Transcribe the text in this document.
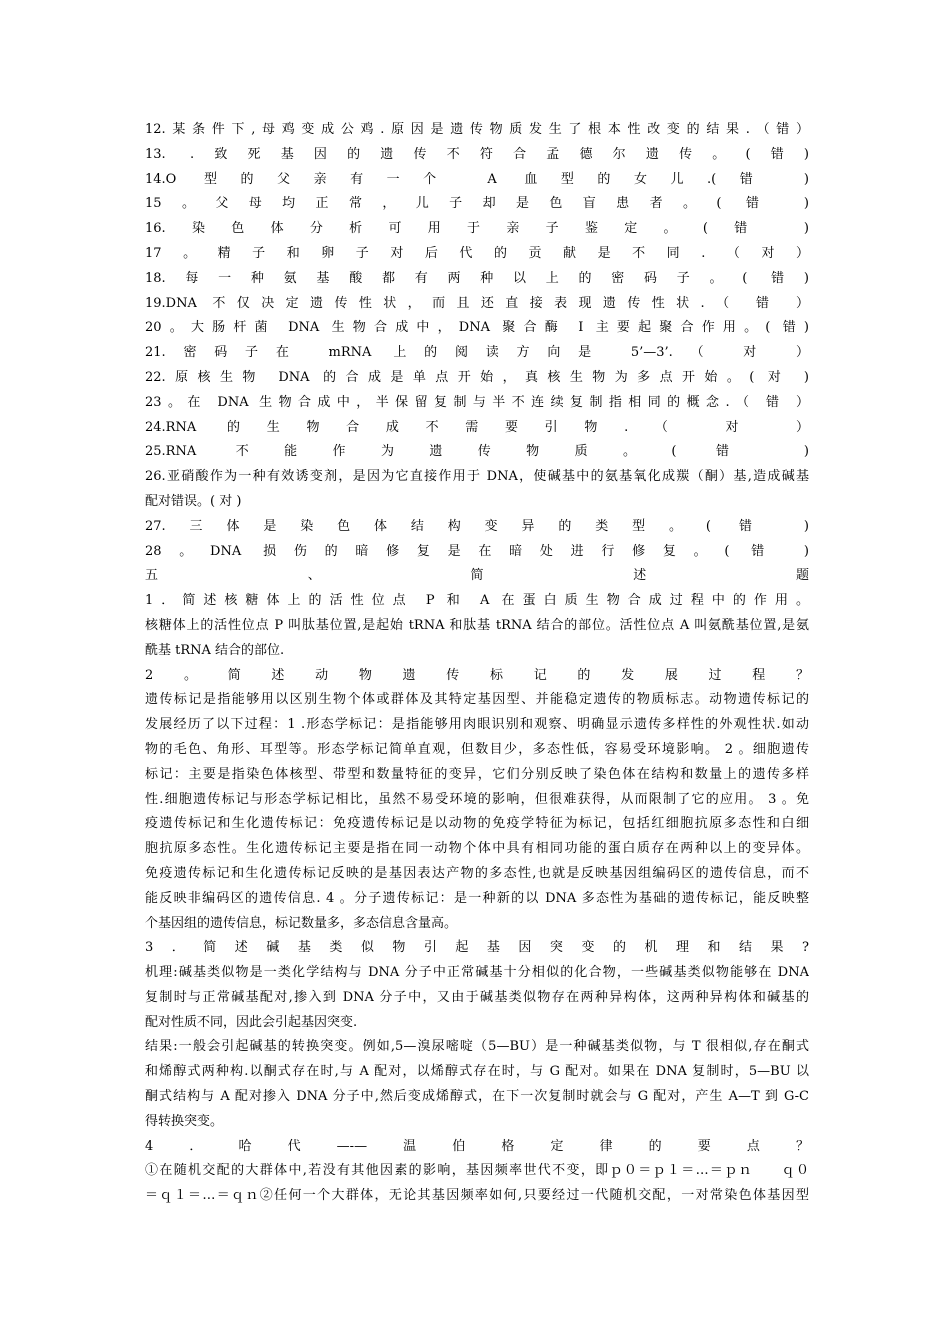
12.某条件下,母鸡变成公鸡.原因是遗传物质发生了根本性改变的结果.（错）
13. .致死基因的遗传不符合孟德尔遗传。(错)
14.O 型的父亲有一个 A 血型的女儿.(错 )
15。父母均正常，儿子却是色盲患者。( 错 )
16.染色体分析可用于亲子鉴定。(错 )
17。精子和卵子对后代的贡献是不同.（对）
18.每一种氨基酸都有两种以上的密码子。( 错)
19.DNA 不仅决定遗传性状，而且还直接表现遗传性状.（ 错 ）
20。大肠杆菌 DNA 生物合成中，DNA 聚合酶 I 主要起聚合作用。( 错)
21.密码子在 mRNA 上的阅读方向是 5’—3’.（ 对 ）
22.原核生物 DNA 的合成是单点开始，真核生物为多点开始。( 对 )
23。在 DNA 生物合成中，半保留复制与半不连续复制指相同的概念.（ 错 ）
24.RNA 的生物合成不需要引物.（ 对 ）
25.RNA 不能作为遗传物质。( 错 )
26.亚硝酸作为一种有效诱变剂，是因为它直接作用于 DNA，使碱基中的氨基氧化成羰（酮）基,造成碱基
配对错误。( 对 )
27.三体是染色体结构变异的类型。( 错 )
28。DNA 损伤的暗修复是在暗处进行修复。( 错 )
五、简述题
1．简述核糖体上的活性位点 P 和 A 在蛋白质生物合成过程中的作用。
核糖体上的活性位点 P 叫肽基位置,是起始 tRNA 和肽基 tRNA 结合的部位。活性位点 A 叫氨酰基位置,是氨
酰基 tRNA 结合的部位.
2。简述动物遗传标记的发展过程？
遗传标记是指能够用以区别生物个体或群体及其特定基因型、并能稳定遗传的物质标志。动物遗传标记的
发展经历了以下过程：1 .形态学标记：是指能够用肉眼识别和观察、明确显示遗传多样性的外观性状.如动
物的毛色、角形、耳型等。形态学标记简单直观，但数目少，多态性低，容易受环境影响。 2 。细胞遗传
标记：主要是指染色体核型、带型和数量特征的变异，它们分别反映了染色体在结构和数量上的遗传多样
性.细胞遗传标记与形态学标记相比，虽然不易受环境的影响，但很难获得，从而限制了它的应用。 3 。免
疫遗传标记和生化遗传标记：免疫遗传标记是以动物的免疫学特征为标记，包括红细胞抗原多态性和白细
胞抗原多态性。生化遗传标记主要是指在同一动物个体中具有相同功能的蛋白质存在两种以上的变异体。
免疫遗传标记和生化遗传标记反映的是基因表达产物的多态性,也就是反映基因组编码区的遗传信息，而不
能反映非编码区的遗传信息. 4 。分子遗传标记：是一种新的以 DNA 多态性为基础的遗传标记，能反映整
个基因组的遗传信息，标记数量多，多态信息含量高。
3．简述碱基类似物引起基因突变的机理和结果?
机理:碱基类似物是一类化学结构与 DNA 分子中正常碱基十分相似的化合物，一些碱基类似物能够在 DNA
复制时与正常碱基配对,掺入到 DNA 分子中，又由于碱基类似物存在两种异构体，这两种异构体和碱基的
配对性质不同，因此会引起基因突变.
结果:一般会引起碱基的转换突变。例如,5—溴尿嘧啶（5—BU）是一种碱基类似物，与 T 很相似,存在酮式
和烯醇式两种构.以酮式存在时,与 A 配对，以烯醇式存在时，与 G 配对。如果在 DNA 复制时，5—BU 以
酮式结构与 A 配对掺入 DNA 分子中,然后变成烯醇式，在下一次复制时就会与 G 配对，产生 A—T 到 G-C
得转换突变。
4．哈代—-—温伯格定律的要点？
①在随机交配的大群体中,若没有其他因素的影响，基因频率世代不变，即ｐ０＝ｐ１＝…＝ｐｎ　　ｑ０
＝ｑ１＝…＝ｑｎ②任何一个大群体，无论其基因频率如何,只要经过一代随机交配，一对常染色体基因型
